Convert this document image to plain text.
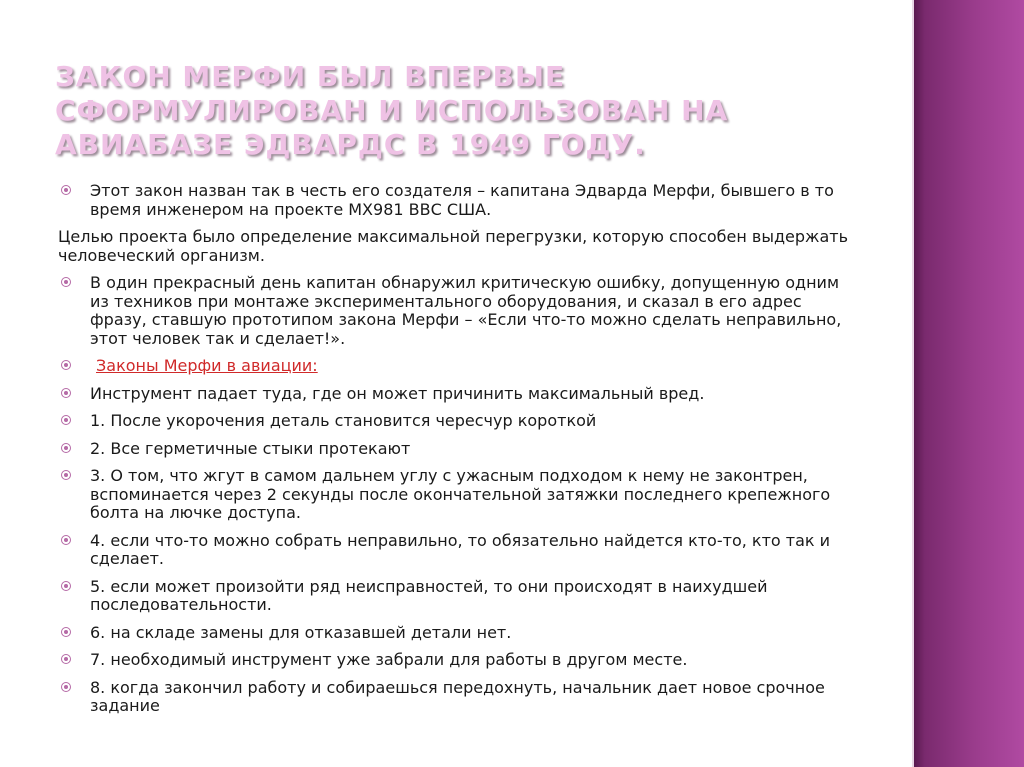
ЗАКОН МЕРФИ БЫЛ ВПЕРВЫЕ СФОРМУЛИРОВАН И ИСПОЛЬЗОВАН НА АВИАБАЗЕ ЭДВАРДС В 1949 ГОДУ.
Этот закон назван так в честь его создателя – капитана Эдварда Мерфи, бывшего в то время инженером на проекте MX981 ВВС США.
Целью проекта было определение максимальной перегрузки, которую способен выдержать человеческий организм.
В один прекрасный день капитан обнаружил критическую ошибку, допущенную одним из техников при монтаже экспериментального оборудования, и сказал в его адрес фразу, ставшую прототипом закона Мерфи – «Если что-то можно сделать неправильно, этот человек так и сделает!».
Законы Мерфи в авиации:
Инструмент падает туда, где он может причинить максимальный вред.
1. После укорочения деталь становится чересчур короткой
2. Все герметичные стыки протекают
3. О том, что жгут в самом дальнем углу с ужасным подходом к нему не законтрен, вспоминается через 2 секунды после окончательной затяжки последнего крепежного болта на лючке доступа.
4. если что-то можно собрать неправильно, то обязательно найдется кто-то, кто так и сделает.
5. если может произойти ряд неисправностей, то они происходят в наихудшей последовательности.
6. на складе замены для отказавшей детали нет.
7. необходимый инструмент уже забрали для работы в другом месте.
8. когда закончил работу и собираешься передохнуть, начальник дает новое срочное задание
